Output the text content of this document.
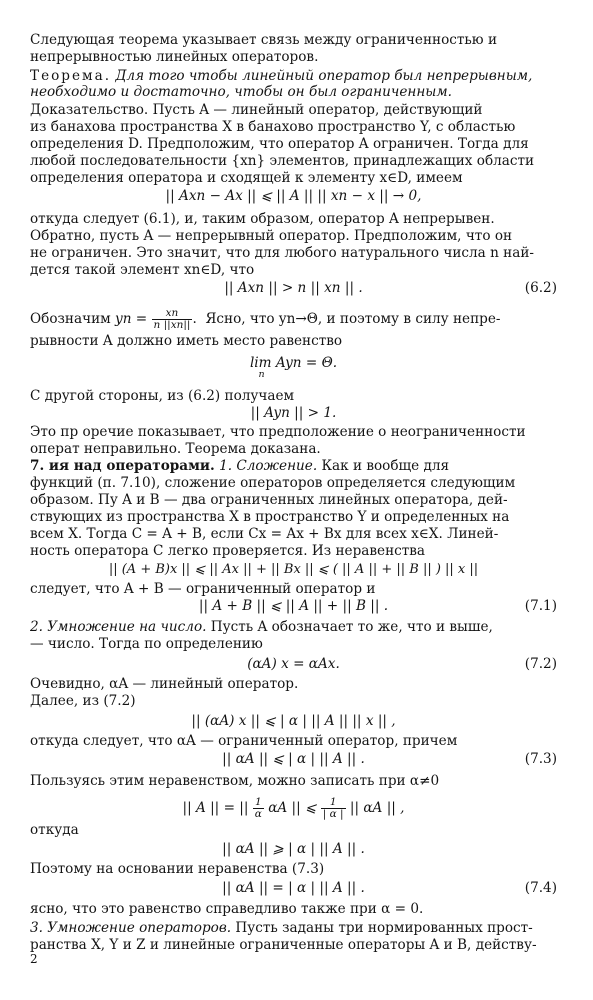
Следующая теорема указывает связь между ограниченностью и
непрерывностью линейных операторов.
Теорема. Для того чтобы линейный оператор был непрерывным,
необходимо и достаточно, чтобы он был ограниченным.
Доказательство. Пусть A — линейный оператор, действующий
из банахова пространства X в банахово пространство Y, с областью
определения D. Предположим, что оператор A ограничен. Тогда для
любой последовательности {xn} элементов, принадлежащих области
определения оператора и сходящей к элементу x∈D, имеем
|| Axn − Ax || ⩽ || A || || xn − x || → 0,
откуда следует (6.1), и, таким образом, оператор A непрерывен.
Обратно, пусть A — непрерывный оператор. Предположим, что он
не ограничен. Это значит, что для любого натурального числа n най-
дется такой элемент xn∈D, что
|| Axn || > n || xn || .	(6.2)
Обозначим yn = $\frac{xn}{n ||xn||}$ . Ясно, что yn→Θ, и поэтому в силу непре-
рывности A должно иметь место равенство
lim Ayn = Θ.
n
С другой стороны, из (6.2) получаем
|| Ayn || > 1.
Это пр оречие показывает, что предположение о неограниченности
операт неправильно. Теорема доказана.
7. ия над операторами. 1. Сложение. Как и вообще для
функций (п. 7.10), сложение операторов определяется следующим
образом. Пу A и B — два ограниченных линейных оператора, дей-
ствующих из пространства X в пространство Y и определенных на
всем X. Тогда C = A + B, если Cx = Ax + Bx для всех x∈X. Линей-
ность оператора C легко проверяется. Из неравенства
|| (A + B)x || ⩽ || Ax || + || Bx || ⩽ ( || A || + || B || ) || x ||
следует, что A + B — ограниченный оператор и
|| A + B || ⩽ || A || + || B || .	(7.1)
2. Умножение на число. Пусть A обозначает то же, что и выше,
— число. Тогда по определению
(αA) x = αAx.	(7.2)
Очевидно, αA — линейный оператор.
Далее, из (7.2)
|| (αA) x || ⩽ | α | || A || || x || ,
откуда следует, что αA — ограниченный оператор, причем
|| αA || ⩽ | α | || A || .	(7.3)
Пользуясь этим неравенством, можно записать при α≠0
|| A || = || $\frac{1}{\alpha}$ αA || ⩽ $\frac{1}{| \alpha |}$ || αA || ,
откуда
|| αA || ⩾ | α | || A || .
Поэтому на основании неравенства (7.3)
|| αA || = | α | || A || .	(7.4)
ясно, что это равенство справедливо также при α = 0.
3. Умножение операторов. Пусть заданы три нормированных прост-
ранства X, Y и Z и линейные ограниченные операторы A и B, действу-
2
